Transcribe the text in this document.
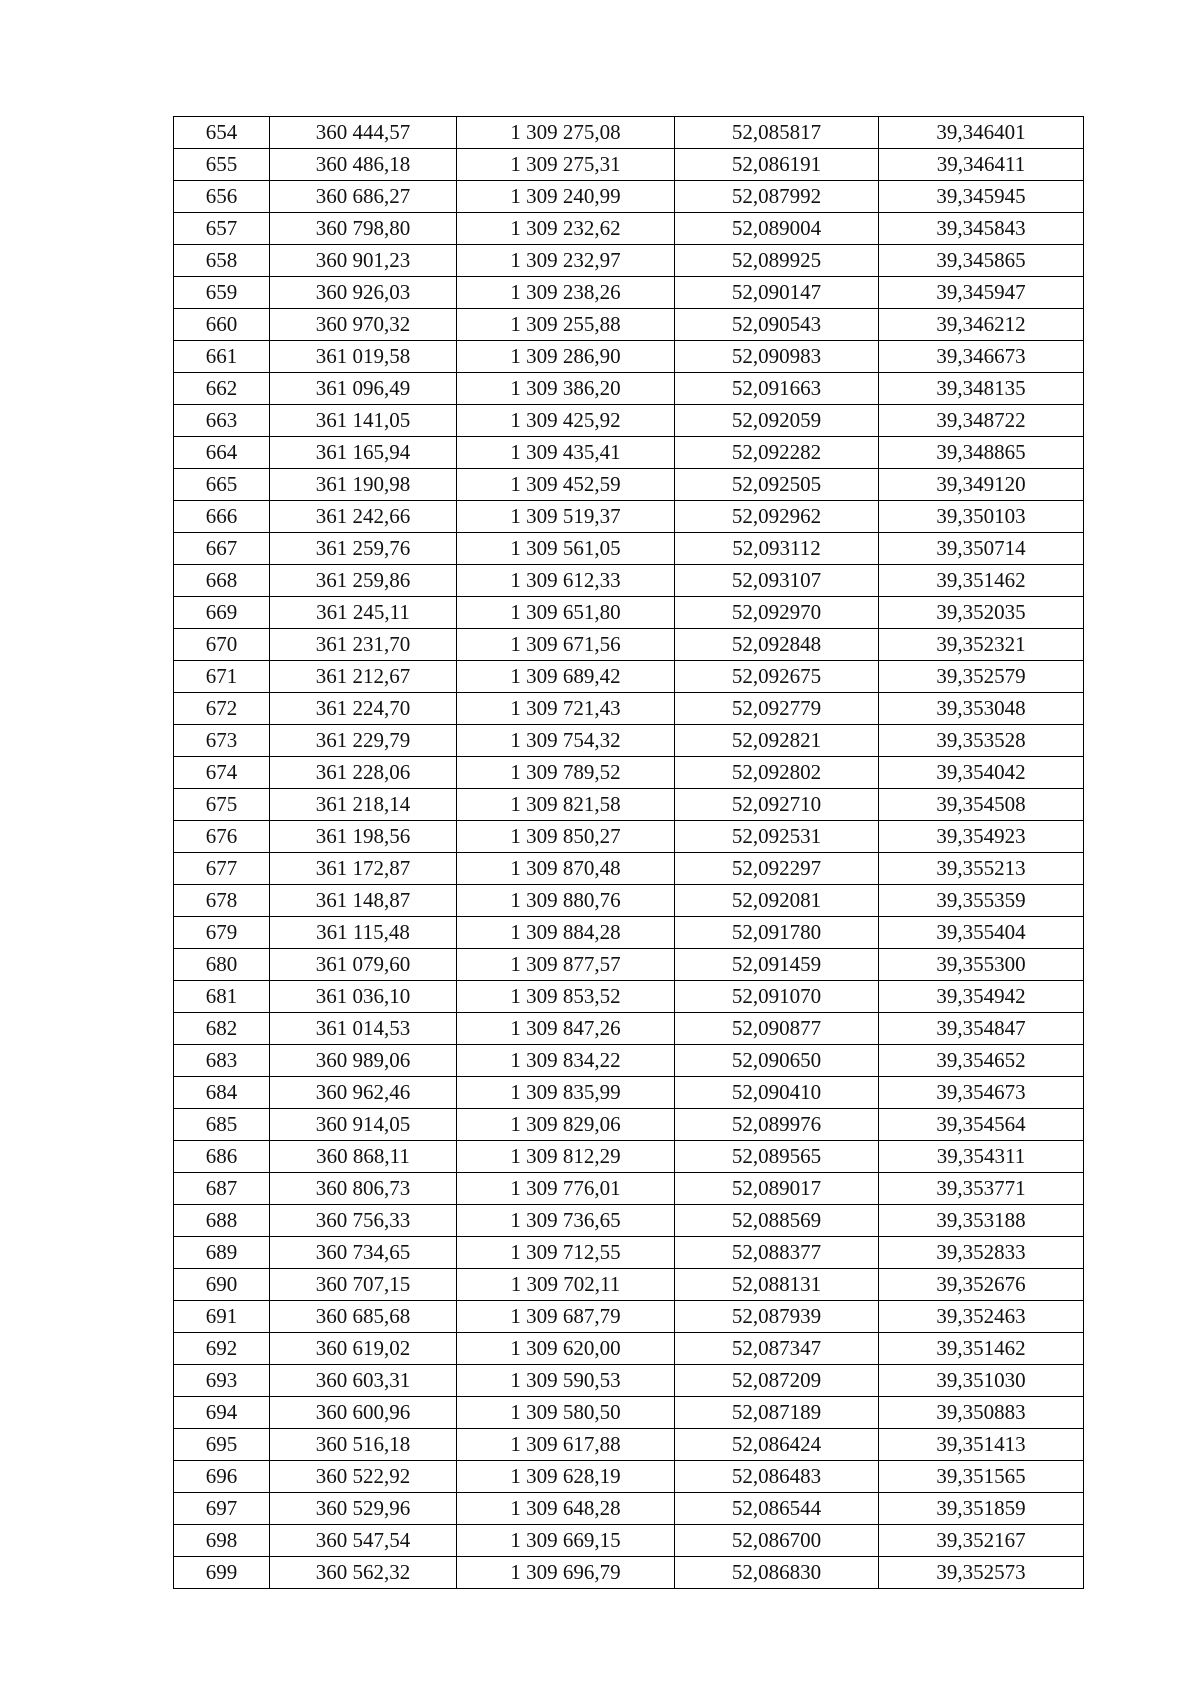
654	360 444,57	1 309 275,08	52,085817	39,346401
655	360 486,18	1 309 275,31	52,086191	39,346411
656	360 686,27	1 309 240,99	52,087992	39,345945
657	360 798,80	1 309 232,62	52,089004	39,345843
658	360 901,23	1 309 232,97	52,089925	39,345865
659	360 926,03	1 309 238,26	52,090147	39,345947
660	360 970,32	1 309 255,88	52,090543	39,346212
661	361 019,58	1 309 286,90	52,090983	39,346673
662	361 096,49	1 309 386,20	52,091663	39,348135
663	361 141,05	1 309 425,92	52,092059	39,348722
664	361 165,94	1 309 435,41	52,092282	39,348865
665	361 190,98	1 309 452,59	52,092505	39,349120
666	361 242,66	1 309 519,37	52,092962	39,350103
667	361 259,76	1 309 561,05	52,093112	39,350714
668	361 259,86	1 309 612,33	52,093107	39,351462
669	361 245,11	1 309 651,80	52,092970	39,352035
670	361 231,70	1 309 671,56	52,092848	39,352321
671	361 212,67	1 309 689,42	52,092675	39,352579
672	361 224,70	1 309 721,43	52,092779	39,353048
673	361 229,79	1 309 754,32	52,092821	39,353528
674	361 228,06	1 309 789,52	52,092802	39,354042
675	361 218,14	1 309 821,58	52,092710	39,354508
676	361 198,56	1 309 850,27	52,092531	39,354923
677	361 172,87	1 309 870,48	52,092297	39,355213
678	361 148,87	1 309 880,76	52,092081	39,355359
679	361 115,48	1 309 884,28	52,091780	39,355404
680	361 079,60	1 309 877,57	52,091459	39,355300
681	361 036,10	1 309 853,52	52,091070	39,354942
682	361 014,53	1 309 847,26	52,090877	39,354847
683	360 989,06	1 309 834,22	52,090650	39,354652
684	360 962,46	1 309 835,99	52,090410	39,354673
685	360 914,05	1 309 829,06	52,089976	39,354564
686	360 868,11	1 309 812,29	52,089565	39,354311
687	360 806,73	1 309 776,01	52,089017	39,353771
688	360 756,33	1 309 736,65	52,088569	39,353188
689	360 734,65	1 309 712,55	52,088377	39,352833
690	360 707,15	1 309 702,11	52,088131	39,352676
691	360 685,68	1 309 687,79	52,087939	39,352463
692	360 619,02	1 309 620,00	52,087347	39,351462
693	360 603,31	1 309 590,53	52,087209	39,351030
694	360 600,96	1 309 580,50	52,087189	39,350883
695	360 516,18	1 309 617,88	52,086424	39,351413
696	360 522,92	1 309 628,19	52,086483	39,351565
697	360 529,96	1 309 648,28	52,086544	39,351859
698	360 547,54	1 309 669,15	52,086700	39,352167
699	360 562,32	1 309 696,79	52,086830	39,352573
